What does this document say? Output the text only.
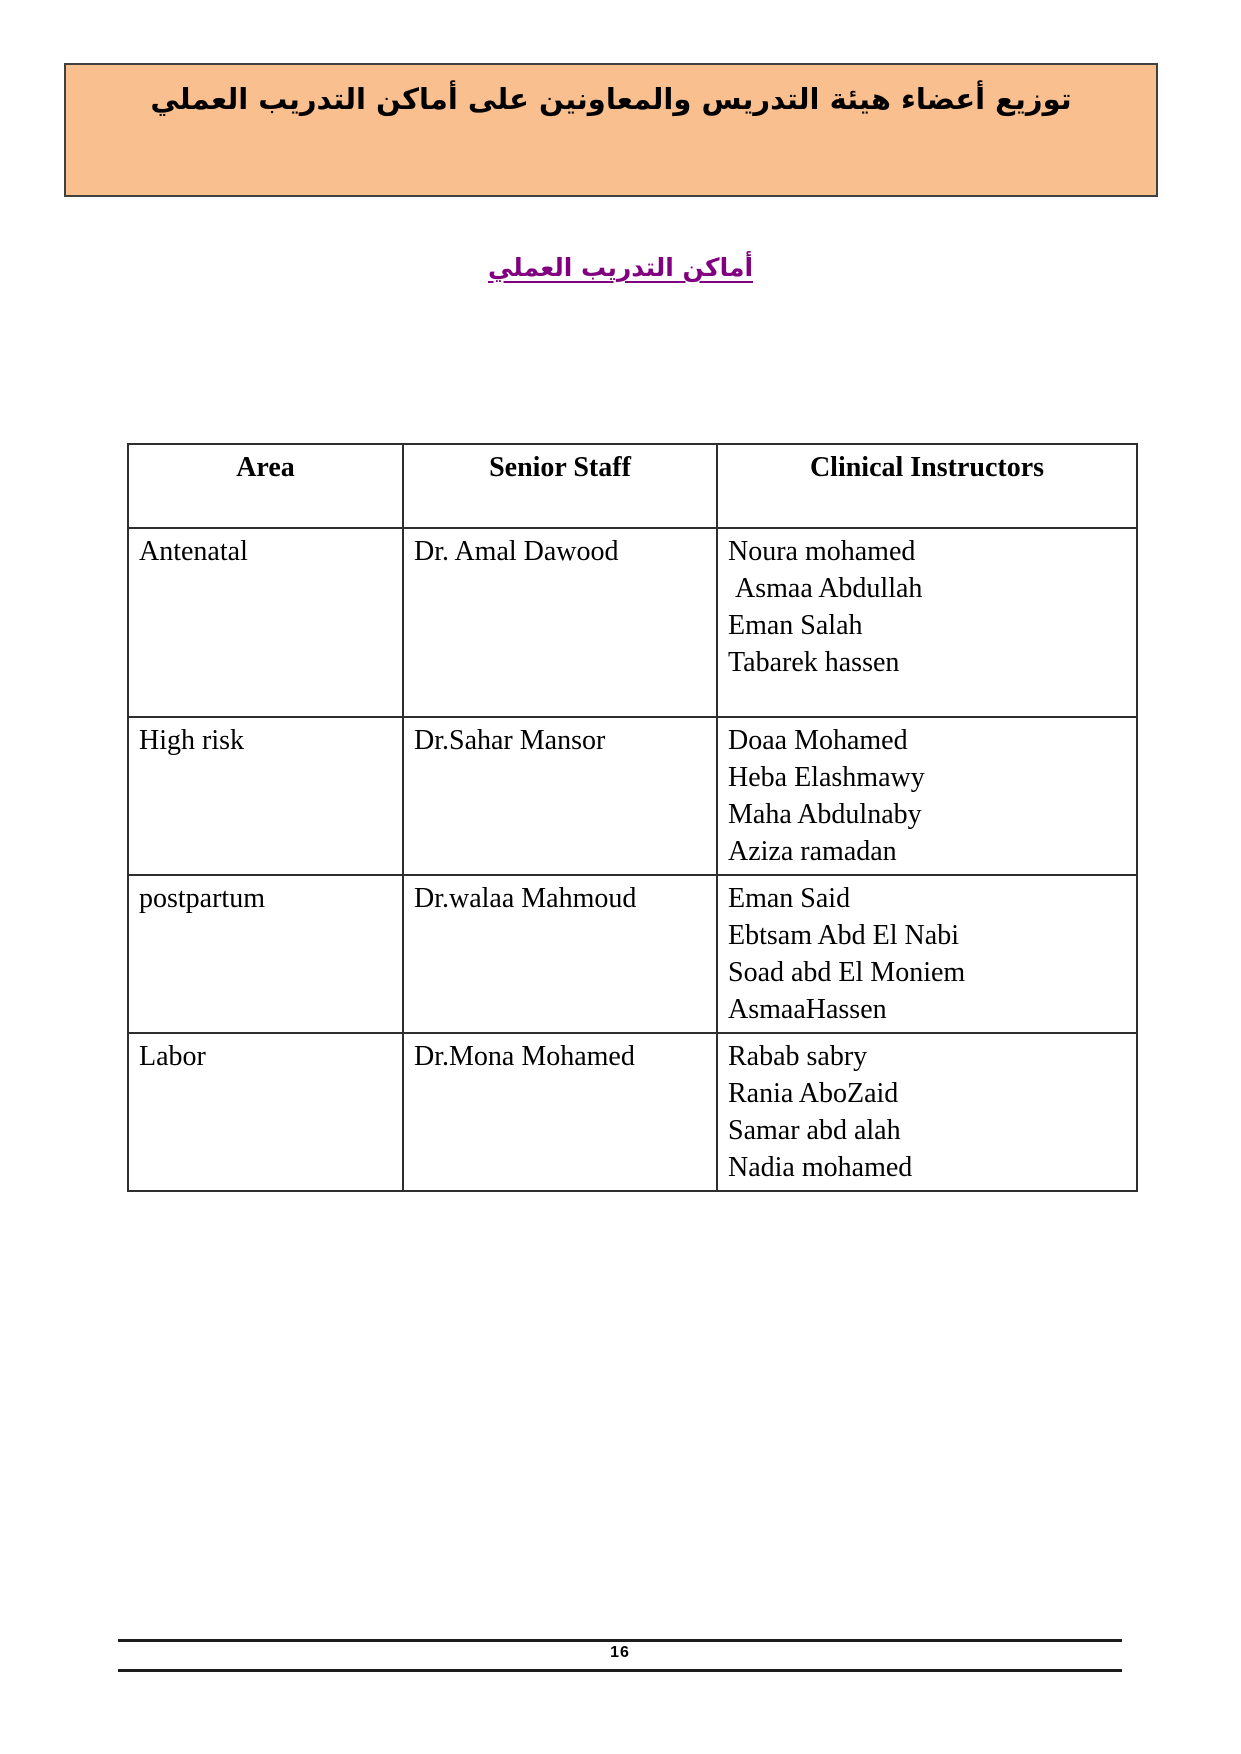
توزيع أعضاء هيئة التدريس والمعاونين على أماكن التدريب العملي
أماكن التدريب العملي
Area	Senior Staff	Clinical Instructors
Antenatal	Dr. Amal Dawood	Noura mohamed
Asmaa Abdullah
Eman Salah
Tabarek hassen

High risk	Dr.Sahar Mansor	Doaa Mohamed
Heba Elashmawy
Maha Abdulnaby
Aziza ramadan

postpartum	Dr.walaa Mahmoud	Eman Said
Ebtsam Abd El Nabi
Soad abd El Moniem
AsmaaHassen

Labor	Dr.Mona Mohamed	Rabab sabry
Rania AboZaid
Samar abd alah
Nadia mohamed
16
